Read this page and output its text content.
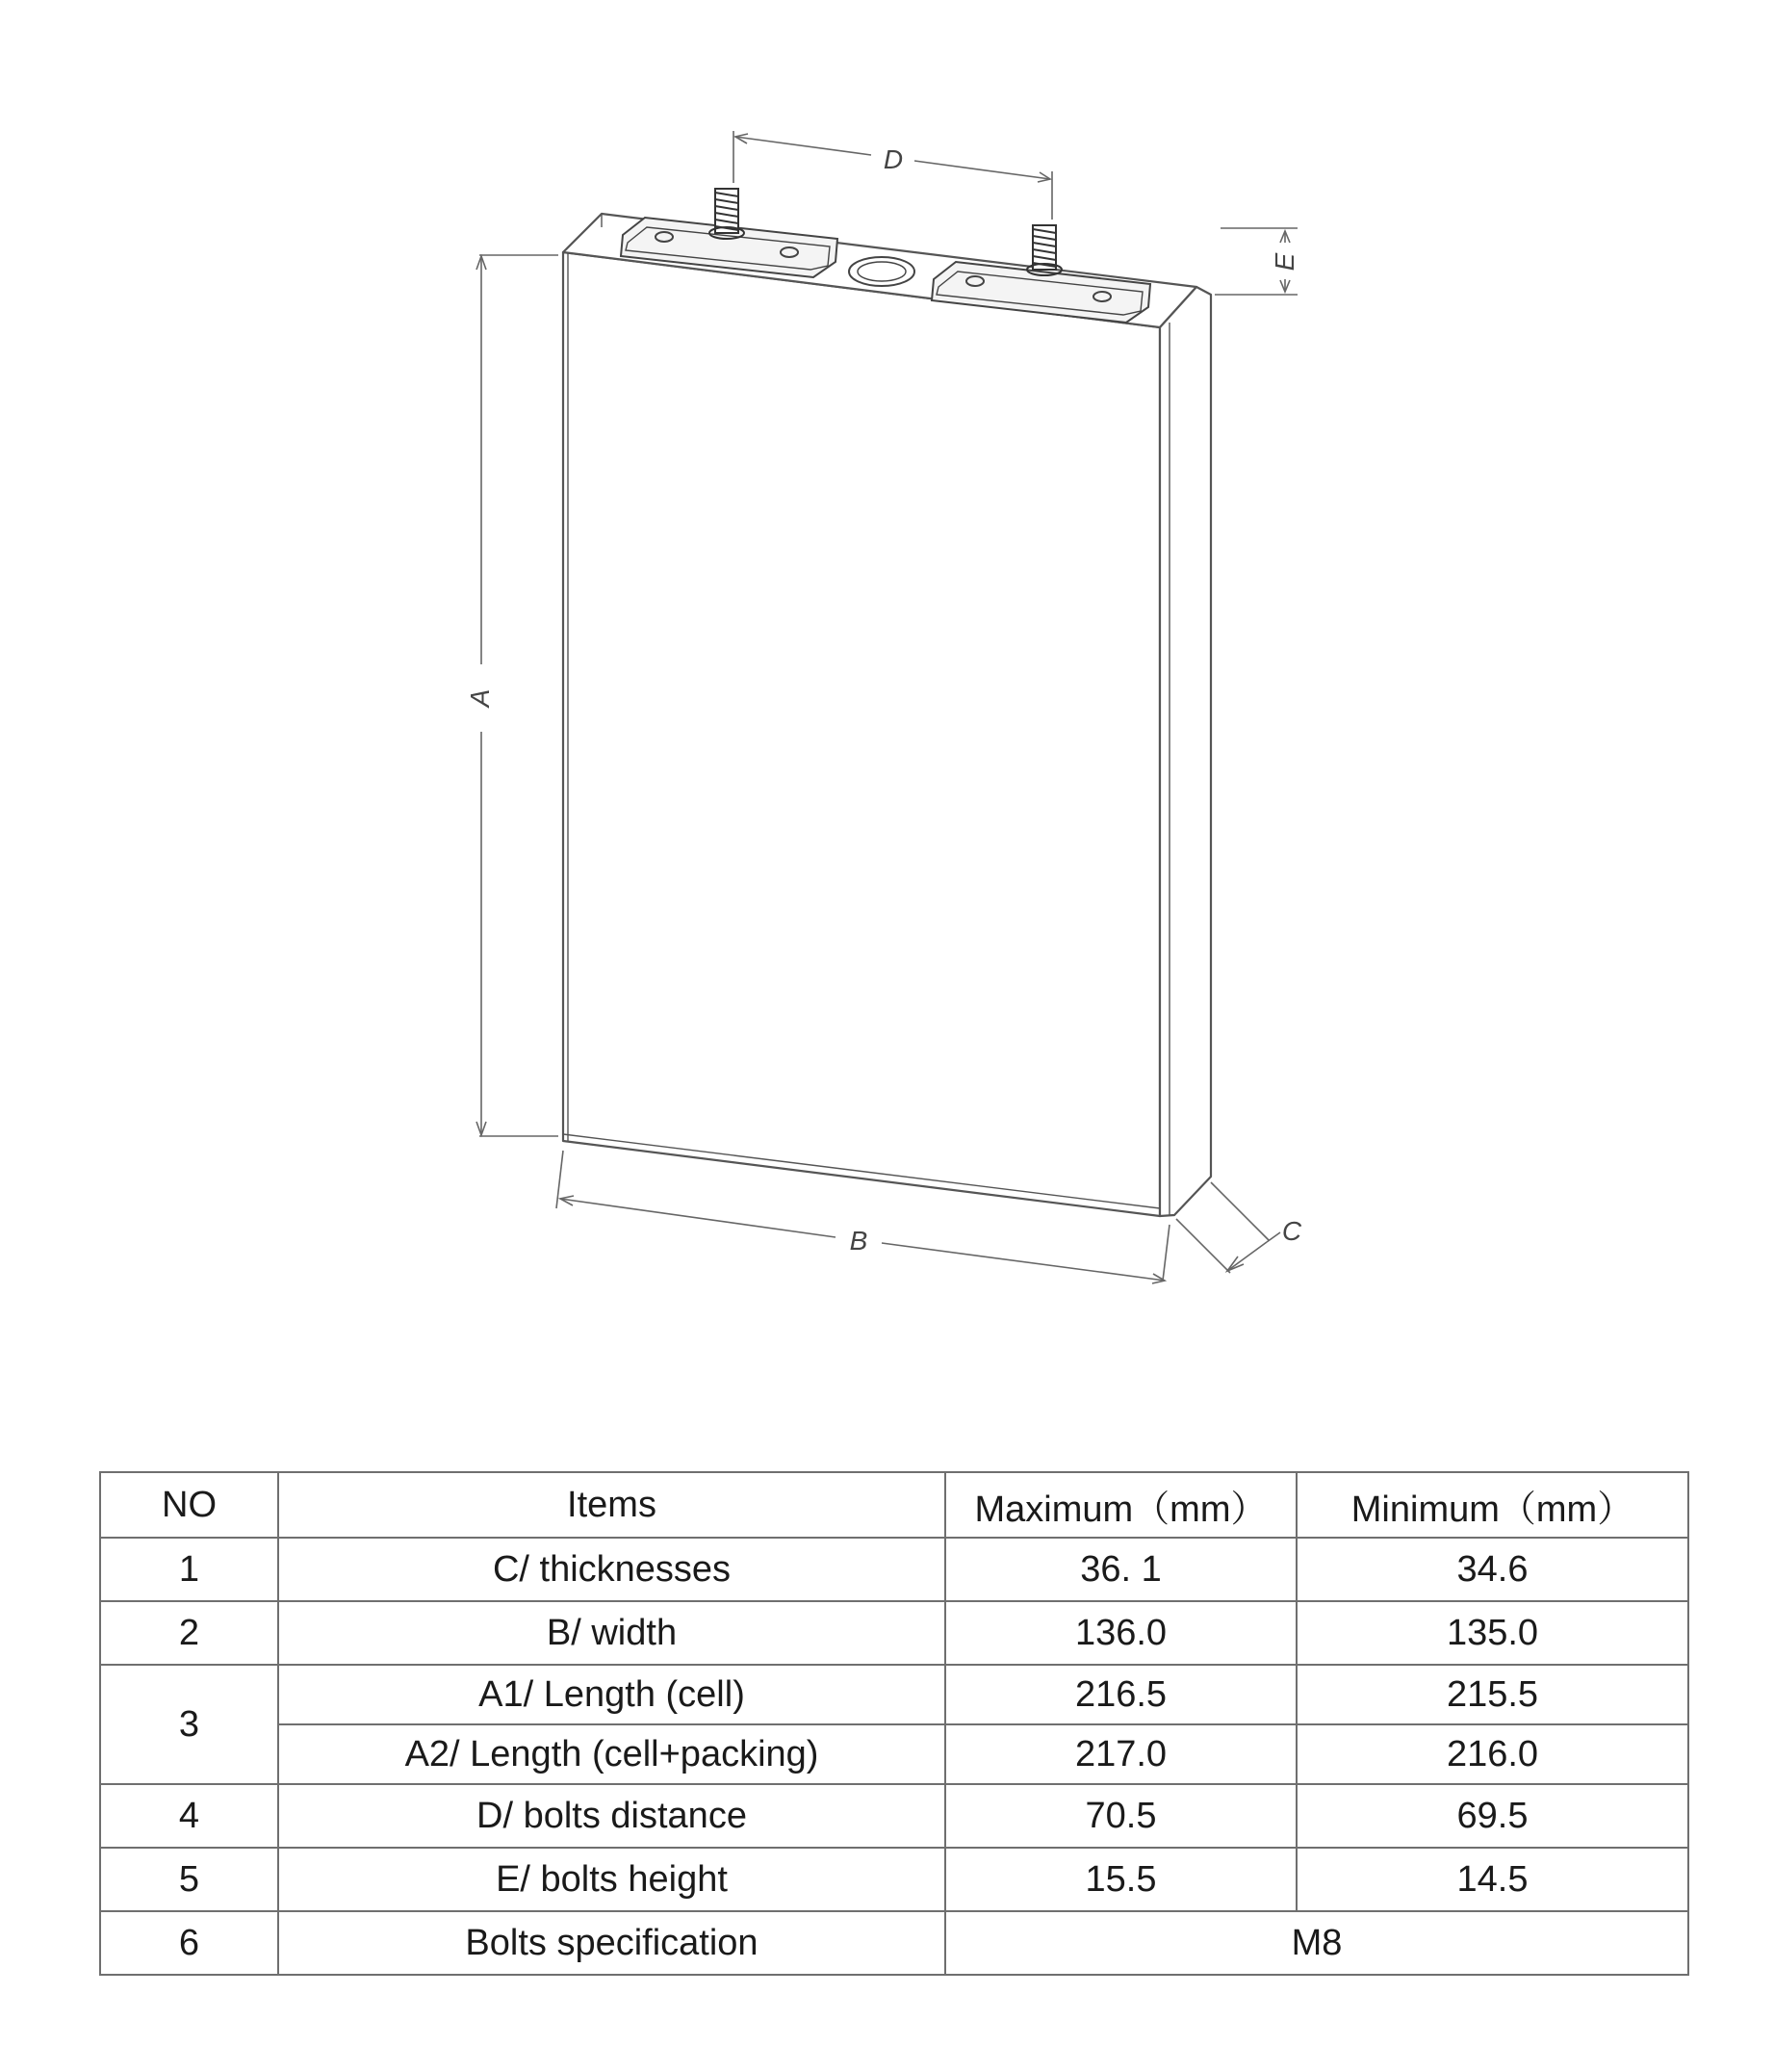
A
B	C
D
E
NO	Items	Maximum（mm）	Minimum（mm）
1	C/ thicknesses	36. 1	34.6
2	B/ width	136.0	135.0
3	A1/ Length (cell)	216.5	215.5
	A2/ Length (cell+packing)	217.0	216.0
4	D/ bolts distance	70.5	69.5
5	E/ bolts height	15.5	14.5
6	Bolts specification	M8	
